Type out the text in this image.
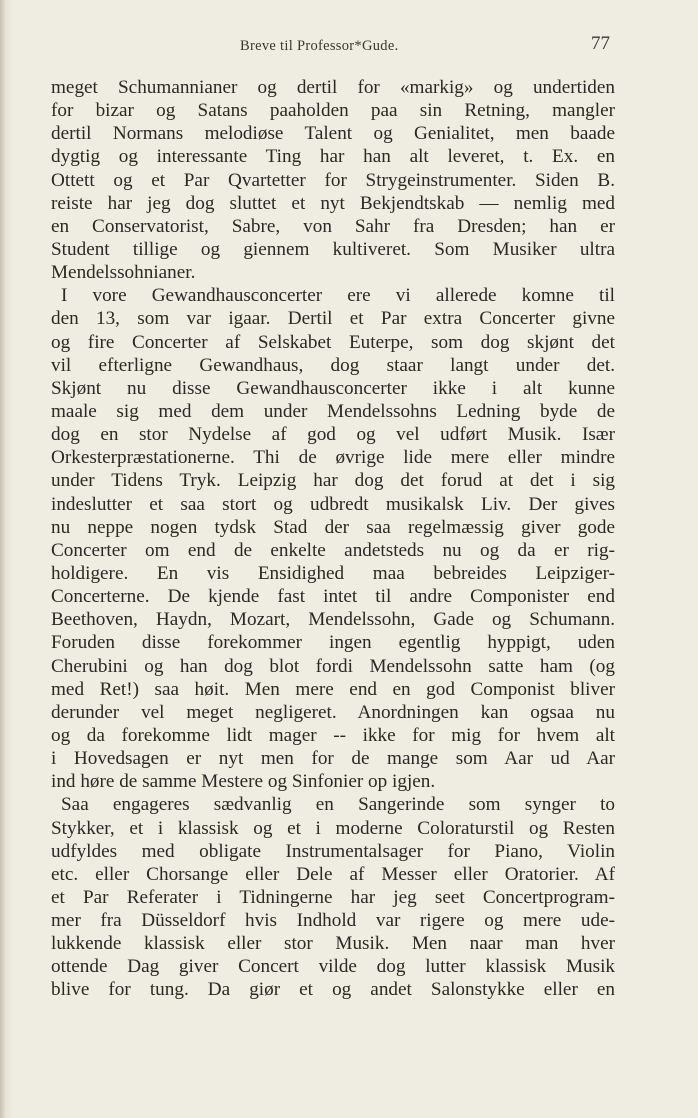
Breve til Professor*Gude.	77
meget Schumannianer og dertil for «markig» og undertiden
for bizar og Satans paaholden paa sin Retning, mangler
dertil Normans melodiøse Talent og Genialitet, men baade
dygtig og interessante Ting har han alt leveret, t. Ex. en
Ottett og et Par Qvartetter for Strygeinstrumenter. Siden B.
reiste har jeg dog sluttet et nyt Bekjendtskab — nemlig med
en Conservatorist, Sabre, von Sahr fra Dresden; han er
Student tillige og giennem kultiveret. Som Musiker ultra
Mendelssohnianer.
I vore Gewandhausconcerter ere vi allerede komne til
den 13, som var igaar. Dertil et Par extra Concerter givne
og fire Concerter af Selskabet Euterpe, som dog skjønt det
vil efterligne Gewandhaus, dog staar langt under det.
Skjønt nu disse Gewandhausconcerter ikke i alt kunne
maale sig med dem under Mendelssohns Ledning byde de
dog en stor Nydelse af god og vel udført Musik. Især
Orkesterpræstationerne. Thi de øvrige lide mere eller mindre
under Tidens Tryk. Leipzig har dog det forud at det i sig
indeslutter et saa stort og udbredt musikalsk Liv. Der gives
nu neppe nogen tydsk Stad der saa regelmæssig giver gode
Concerter om end de enkelte andetsteds nu og da er rig-
holdigere. En vis Ensidighed maa bebreides Leipziger-
Concerterne. De kjende fast intet til andre Componister end
Beethoven, Haydn, Mozart, Mendelssohn, Gade og Schumann.
Foruden disse forekommer ingen egentlig hyppigt, uden
Cherubini og han dog blot fordi Mendelssohn satte ham (og
med Ret!) saa høit. Men mere end en god Componist bliver
derunder vel meget negligeret. Anordningen kan ogsaa nu
og da forekomme lidt mager -- ikke for mig for hvem alt
i Hovedsagen er nyt men for de mange som Aar ud Aar
ind høre de samme Mestere og Sinfonier op igjen.
Saa engageres sædvanlig en Sangerinde som synger to
Stykker, et i klassisk og et i moderne Coloraturstil og Resten
udfyldes med obligate Instrumentalsager for Piano, Violin
etc. eller Chorsange eller Dele af Messer eller Oratorier. Af
et Par Referater i Tidningerne har jeg seet Concertprogram-
mer fra Düsseldorf hvis Indhold var rigere og mere ude-
lukkende klassisk eller stor Musik. Men naar man hver
ottende Dag giver Concert vilde dog lutter klassisk Musik
blive for tung. Da giør et og andet Salonstykke eller en
